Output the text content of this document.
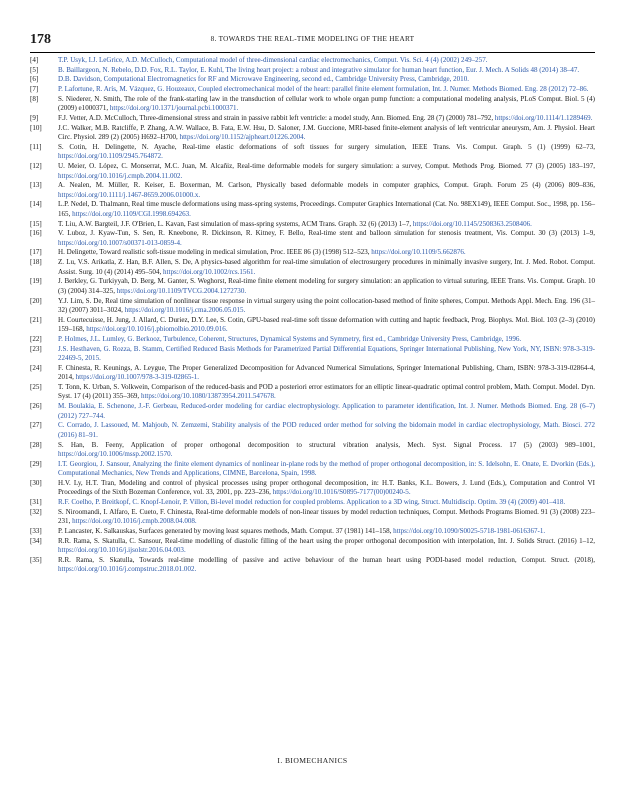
178	8. TOWARDS THE REAL-TIME MODELING OF THE HEART
[4]	T.P. Usyk, I.J. LeGrice, A.D. McCulloch, Computational model of three-dimensional cardiac electromechanics, Comput. Vis. Sci. 4 (4) (2002) 249–257.
[5]	B. Baillargeon, N. Rebelo, D.D. Fox, R.L. Taylor, E. Kuhl, The living heart project: a robust and integrative simulator for human heart function, Eur. J. Mech. A Solids 48 (2014) 38–47.
[6]	D.B. Davidson, Computational Electromagnetics for RF and Microwave Engineering, second ed., Cambridge University Press, Cambridge, 2010.
[7]	P. Lafortune, R. Arís, M. Vázquez, G. Houzeaux, Coupled electromechanical model of the heart: parallel finite element formulation, Int. J. Numer. Methods Biomed. Eng. 28 (2012) 72–86.
[8]	S. Niederer, N. Smith, The role of the frank-starling law in the transduction of cellular work to whole organ pump function: a computational modeling analysis, PLoS Comput. Biol. 5 (4) (2009) e1000371, https://doi.org/10.1371/journal.pcbi.1000371.
[9]	F.J. Vetter, A.D. McCulloch, Three-dimensional stress and strain in passive rabbit left ventricle: a model study, Ann. Biomed. Eng. 28 (7) (2000) 781–792, https://doi.org/10.1114/1.1289469.
[10]	J.C. Walker, M.B. Ratcliffe, P. Zhang, A.W. Wallace, B. Fata, E.W. Hsu, D. Saloner, J.M. Guccione, MRI-based finite-element analysis of left ventricular aneurysm, Am. J. Physiol. Heart Circ. Physiol. 289 (2) (2005) H692–H700, https://doi.org/10.1152/ajpheart.01226.2004.
[11]	S. Cotin, H. Delingette, N. Ayache, Real-time elastic deformations of soft tissues for surgery simulation, IEEE Trans. Vis. Comput. Graph. 5 (1) (1999) 62–73, https://doi.org/10.1109/2945.764872.
[12]	U. Meier, O. López, C. Monserrat, M.C. Juan, M. Alcañiz, Real-time deformable models for surgery simulation: a survey, Comput. Methods Prog. Biomed. 77 (3) (2005) 183–197, https://doi.org/10.1016/j.cmpb.2004.11.002.
[13]	A. Nealen, M. Müller, R. Keiser, E. Boxerman, M. Carlson, Physically based deformable models in computer graphics, Comput. Graph. Forum 25 (4) (2006) 809–836, https://doi.org/10.1111/j.1467-8659.2006.01000.x.
[14]	L.P. Nedel, D. Thalmann, Real time muscle deformations using mass-spring systems, Proceedings. Computer Graphics International (Cat. No. 98EX149), IEEE Comput. Soc., 1998, pp. 156–165, https://doi.org/10.1109/CGI.1998.694263.
[15]	T. Liu, A.W. Bargteil, J.F. O'Brien, L. Kavan, Fast simulation of mass-spring systems, ACM Trans. Graph. 32 (6) (2013) 1–7, https://doi.org/10.1145/2508363.2508406.
[16]	V. Luboz, J. Kyaw-Tun, S. Sen, R. Kneebone, R. Dickinson, R. Kitney, F. Bello, Real-time stent and balloon simulation for stenosis treatment, Vis. Comput. 30 (3) (2013) 1–9, https://doi.org/10.1007/s00371-013-0859-4.
[17]	H. Delingette, Toward realistic soft-tissue modeling in medical simulation, Proc. IEEE 86 (3) (1998) 512–523, https://doi.org/10.1109/5.662876.
[18]	Z. Lu, V.S. Arikatla, Z. Han, B.F. Allen, S. De, A physics-based algorithm for real-time simulation of electrosurgery procedures in minimally invasive surgery, Int. J. Med. Robot. Comput. Assist. Surg. 10 (4) (2014) 495–504, https://doi.org/10.1002/rcs.1561.
[19]	J. Berkley, G. Turkiyyah, D. Berg, M. Ganter, S. Weghorst, Real-time finite element modeling for surgery simulation: an application to virtual suturing, IEEE Trans. Vis. Comput. Graph. 10 (3) (2004) 314–325, https://doi.org/10.1109/TVCG.2004.1272730.
[20]	Y.J. Lim, S. De, Real time simulation of nonlinear tissue response in virtual surgery using the point collocation-based method of finite spheres, Comput. Methods Appl. Mech. Eng. 196 (31–32) (2007) 3011–3024, https://doi.org/10.1016/j.cma.2006.05.015.
[21]	H. Courtecuisse, H. Jung, J. Allard, C. Duriez, D.Y. Lee, S. Cotin, GPU-based real-time soft tissue deformation with cutting and haptic feedback, Prog. Biophys. Mol. Biol. 103 (2–3) (2010) 159–168, https://doi.org/10.1016/j.pbiomolbio.2010.09.016.
[22]	P. Holmes, J.L. Lumley, G. Berkooz, Turbulence, Coherent, Structures, Dynamical Systems and Symmetry, first ed., Cambridge University Press, Cambridge, 1996.
[23]	J.S. Hesthaven, G. Rozza, B. Stamm, Certified Reduced Basis Methods for Parametrized Partial Differential Equations, Springer International Publishing, New York, NY, ISBN: 978-3-319-22469-5, 2015.
[24]	F. Chinesta, R. Keunings, A. Leygue, The Proper Generalized Decomposition for Advanced Numerical Simulations, Springer International Publishing, Cham, ISBN: 978-3-319-02864-4, 2014, https://doi.org/10.1007/978-3-319-02865-1.
[25]	T. Tonn, K. Urban, S. Volkwein, Comparison of the reduced-basis and POD a posteriori error estimators for an elliptic linear-quadratic optimal control problem, Math. Comput. Model. Dyn. Syst. 17 (4) (2011) 355–369, https://doi.org/10.1080/13873954.2011.547678.
[26]	M. Boulakia, E. Schenone, J.-F. Gerbeau, Reduced-order modeling for cardiac electrophysiology. Application to parameter identification, Int. J. Numer. Methods Biomed. Eng. 28 (6–7) (2012) 727–744.
[27]	C. Corrado, J. Lassoued, M. Mahjoub, N. Zemzemi, Stability analysis of the POD reduced order method for solving the bidomain model in cardiac electrophysiology, Math. Biosci. 272 (2016) 81–91.
[28]	S. Han, B. Feeny, Application of proper orthogonal decomposition to structural vibration analysis, Mech. Syst. Signal Process. 17 (5) (2003) 989–1001, https://doi.org/10.1006/mssp.2002.1570.
[29]	I.T. Georgiou, J. Sansour, Analyzing the finite element dynamics of nonlinear in-plane rods by the method of proper orthogonal decomposition, in: S. Idelsohn, E. Onate, E. Dvorkin (Eds.), Computational Mechanics, New Trends and Applications, CIMNE, Barcelona, Spain, 1998.
[30]	H.V. Ly, H.T. Tran, Modeling and control of physical processes using proper orthogonal decomposition, in: H.T. Banks, K.L. Bowers, J. Lund (Eds.), Computation and Control VI Proceedings of the Sixth Bozeman Conference, vol. 33, 2001, pp. 223–236, https://doi.org/10.1016/S0895-7177(00)00240-5.
[31]	R.F. Coelho, P. Breitkopf, C. Knopf-Lenoir, P. Villon, Bi-level model reduction for coupled problems. Application to a 3D wing, Struct. Multidiscip. Optim. 39 (4) (2009) 401–418.
[32]	S. Niroomandi, I. Alfaro, E. Cueto, F. Chinesta, Real-time deformable models of non-linear tissues by model reduction techniques, Comput. Methods Programs Biomed. 91 (3) (2008) 223–231, https://doi.org/10.1016/j.cmpb.2008.04.008.
[33]	P. Lancaster, K. Salkauskas, Surfaces generated by moving least squares methods, Math. Comput. 37 (1981) 141–158, https://doi.org/10.1090/S0025-5718-1981-0616367-1.
[34]	R.R. Rama, S. Skatulla, C. Sansour, Real-time modelling of diastolic filling of the heart using the proper orthogonal decomposition with interpolation, Int. J. Solids Struct. (2016) 1–12, https://doi.org/10.1016/j.ijsolstr.2016.04.003.
[35]	R.R. Rama, S. Skatulla, Towards real-time modelling of passive and active behaviour of the human heart using PODI-based model reduction, Comput. Struct. (2018), https://doi.org/10.1016/j.compstruc.2018.01.002.
I. BIOMECHANICS
